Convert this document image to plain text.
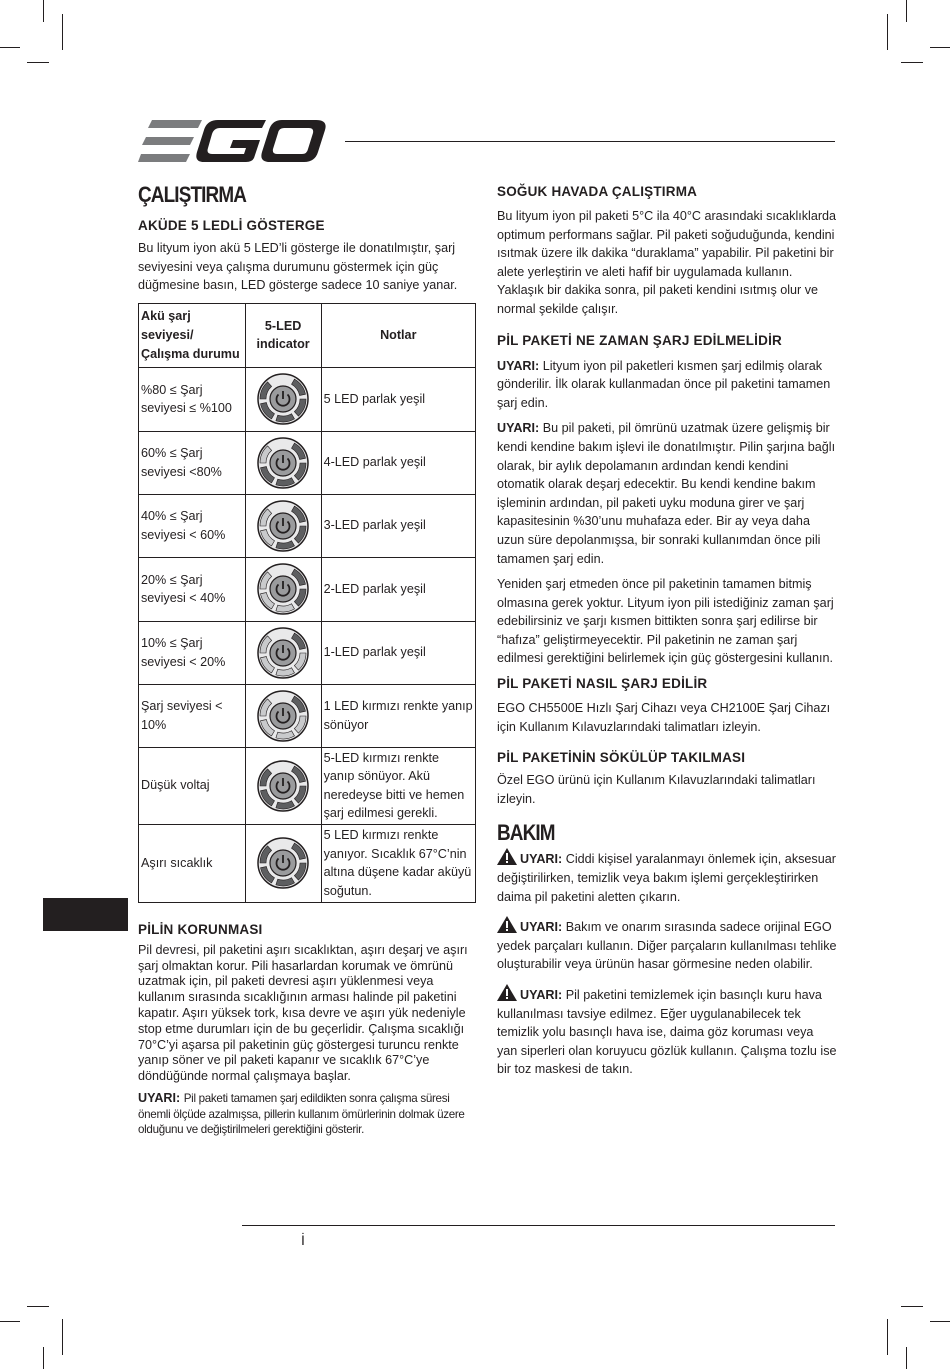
ÇALIŞTIRMA
AKÜDE 5 LEDLİ GÖSTERGE

Bu lityum iyon akü 5 LED’li gösterge ile donatılmıştır, şarj seviyesini veya çalışma durumunu göstermek için güç düğmesine basın, LED gösterge sadece 10 saniye yanar.

Akü şarj seviyesi/ Çalışma durumu	5-LED indicator	Notlar
%80 ≤ Şarj seviyesi ≤ %100		5 LED parlak yeşil
60% ≤ Şarj seviyesi <80%		4-LED parlak yeşil
40% ≤ Şarj seviyesi < 60%		3-LED parlak yeşil
20% ≤ Şarj seviyesi < 40%		2-LED parlak yeşil
10% ≤ Şarj seviyesi < 20%		1-LED parlak yeşil
Şarj seviyesi < 10%		1 LED kırmızı renkte yanıp sönüyor
Düşük voltaj		5-LED kırmızı renkte yanıp sönüyor. Akü neredeyse bitti ve hemen şarj edilmesi gerekli.
Aşırı sıcaklık		5 LED kırmızı renkte yanıyor. Sıcaklık 67°C’nin altına düşene kadar aküyü soğutun.
PİLİN KORUNMASI

Pil devresi, pil paketini aşırı sıcaklıktan, aşırı deşarj ve aşırı şarj olmaktan korur. Pili hasarlardan korumak ve ömrünü uzatmak için, pil paketi devresi aşırı yüklenmesi veya kullanım sırasında sıcaklığının arması halinde pil paketini kapatır. Aşırı yüksek tork, kısa devre ve aşırı yük nedeniyle stop etme durumları için de bu geçerlidir. Çalışma sıcaklığı 70°C’yi aşarsa pil paketinin güç göstergesi turuncu renkte yanıp söner ve pil paketi kapanır ve sıcaklık 67°C’ye döndüğünde normal çalışmaya başlar.

UYARI: Pil paketi tamamen şarj edildikten sonra çalışma süresi önemli ölçüde azalmışsa, pillerin kullanım ömürlerinin dolmak üzere olduğunu ve değiştirilmeleri gerektiğini gösterir.

SOĞUK HAVADA ÇALIŞTIRMA

Bu lityum iyon pil paketi 5°C ila 40°C arasındaki sıcaklıklarda optimum performans sağlar. Pil paketi soğuduğunda, kendini ısıtmak üzere ilk dakika “duraklama” yapabilir. Pil paketini bir alete yerleştirin ve aleti hafif bir uygulamada kullanın. Yaklaşık bir dakika sonra, pil paketi kendini ısıtmış olur ve normal şekilde çalışır.

PİL PAKETİ NE ZAMAN ŞARJ EDİLMELİDİR

UYARI: Lityum iyon pil paketleri kısmen şarj edilmiş olarak gönderilir. İlk olarak kullanmadan önce pil paketini tamamen şarj edin.

UYARI: Bu pil paketi, pil ömrünü uzatmak üzere gelişmiş bir kendi kendine bakım işlevi ile donatılmıştır. Pilin şarjına bağlı olarak, bir aylık depolamanın ardından kendi kendini otomatik olarak deşarj edecektir. Bu kendi kendine bakım işleminin ardından, pil paketi uyku moduna girer ve şarj kapasitesinin %30’unu muhafaza eder. Bir ay veya daha uzun süre depolanmışsa, bir sonraki kullanımdan önce pili tamamen şarj edin.

Yeniden şarj etmeden önce pil paketinin tamamen bitmiş olmasına gerek yoktur. Lityum iyon pili istediğiniz zaman şarj edebilirsiniz ve şarjı kısmen bittikten sonra şarj edilirse bir “hafıza” geliştirmeyecektir. Pil paketinin ne zaman şarj edilmesi gerektiğini belirlemek için güç göstergesini kullanın.

PİL PAKETİ NASIL ŞARJ EDİLİR

EGO CH5500E Hızlı Şarj Cihazı veya CH2100E Şarj Cihazı için Kullanım Kılavuzlarındaki talimatları izleyin.

PİL PAKETİNİN SÖKÜLÜP TAKILMASI

Özel EGO ürünü için Kullanım Kılavuzlarındaki talimatları izleyin.

BAKIM

UYARI: Ciddi kişisel yaralanmayı önlemek için, aksesuar değiştirilirken, temizlik veya bakım işlemi gerçekleştirirken daima pil paketini aletten çıkarın.

UYARI: Bakım ve onarım sırasında sadece orijinal EGO yedek parçaları kullanın. Diğer parçaların kullanılması tehlike oluşturabilir veya ürünün hasar görmesine neden olabilir.

UYARI: Pil paketini temizlemek için basınçlı kuru hava kullanılması tavsiye edilmez. Eğer uygulanabilecek tek temizlik yolu basınçlı hava ise, daima göz koruması veya yan siperleri olan koruyucu gözlük kullanın. Çalışma tozlu ise bir toz maskesi de takın.

İ
